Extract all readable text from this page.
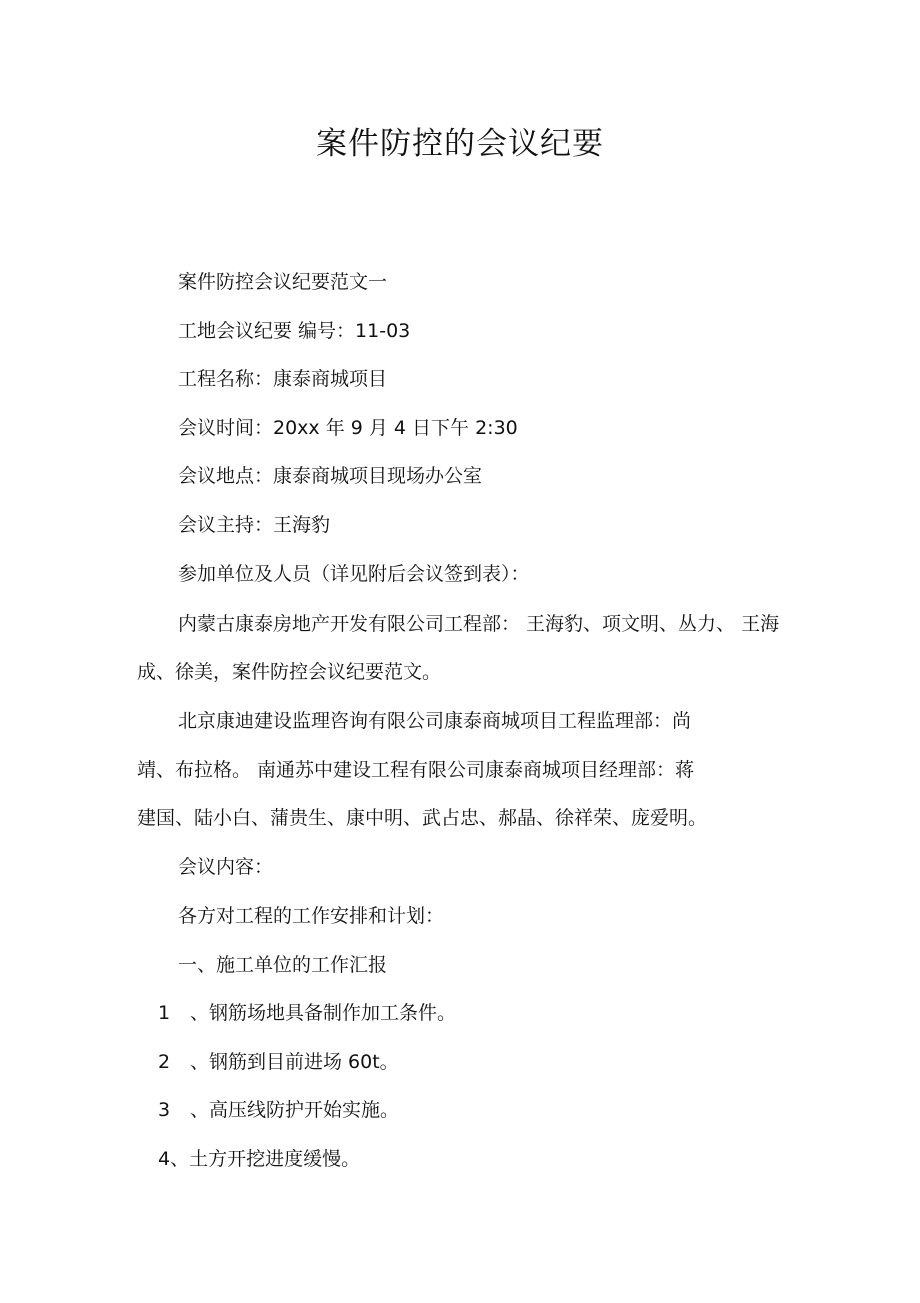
案件防控的会议纪要
案件防控会议纪要范文一
工地会议纪要 编号：11-03
工程名称：康泰商城项目
会议时间：20xx 年 9 月 4 日下午 2:30
会议地点：康泰商城项目现场办公室
会议主持：王海豹
参加单位及人员（详见附后会议签到表）：
内蒙古康泰房地产开发有限公司工程部： 王海豹、项文明、丛力、 王海
成、徐美，案件防控会议纪要范文。
北京康迪建设监理咨询有限公司康泰商城项目工程监理部：尚
靖、布拉格。 南通苏中建设工程有限公司康泰商城项目经理部：蒋
建国、陆小白、蒲贵生、康中明、武占忠、郝晶、徐祥荣、庞爱明。
会议内容：
各方对工程的工作安排和计划：
一、施工单位的工作汇报
1 、钢筋场地具备制作加工条件。
2 、钢筋到目前进场 60t。
3 、高压线防护开始实施。
4、土方开挖进度缓慢。
